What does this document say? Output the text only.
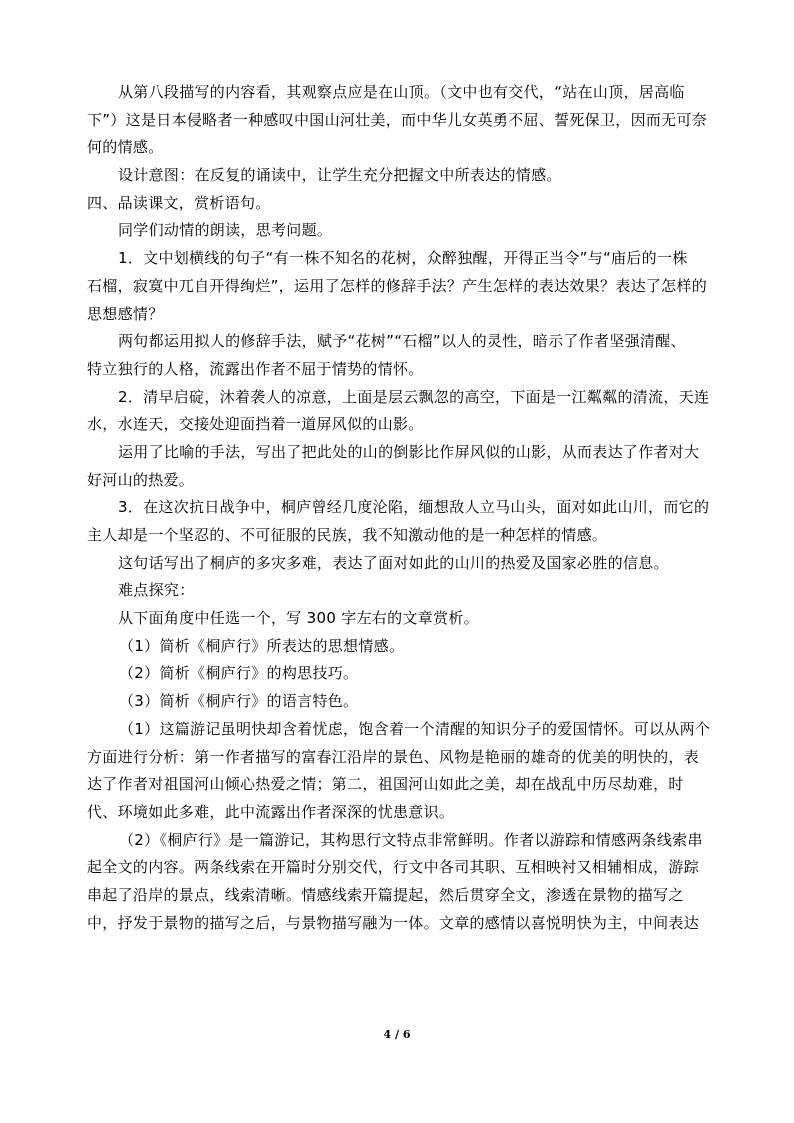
从第八段描写的内容看，其观察点应是在山顶。（文中也有交代，“站在山顶，居高临
下”）这是日本侵略者一种感叹中国山河壮美，而中华儿女英勇不屈、誓死保卫，因而无可奈
何的情感。
设计意图：在反复的诵读中，让学生充分把握文中所表达的情感。
四、品读课文，赏析语句。
同学们动情的朗读，思考问题。
1．文中划横线的句子“有一株不知名的花树，众醉独醒，开得正当令”与“庙后的一株
石榴，寂寞中兀自开得绚烂”，运用了怎样的修辞手法？产生怎样的表达效果？表达了怎样的
思想感情？
两句都运用拟人的修辞手法，赋予“花树”“石榴”以人的灵性，暗示了作者坚强清醒、
特立独行的人格，流露出作者不屈于情势的情怀。
2．清早启碇，沐着袭人的凉意，上面是层云飘忽的高空，下面是一江粼粼的清流，天连
水，水连天，交接处迎面挡着一道屏风似的山影。
运用了比喻的手法，写出了把此处的山的倒影比作屏风似的山影，从而表达了作者对大
好河山的热爱。
3．在这次抗日战争中，桐庐曾经几度沦陷，缅想敌人立马山头，面对如此山川，而它的
主人却是一个坚忍的、不可征服的民族，我不知激动他的是一种怎样的情感。
这句话写出了桐庐的多灾多难，表达了面对如此的山川的热爱及国家必胜的信息。
难点探究：
从下面角度中任选一个，写 300 字左右的文章赏析。
（1）简析《桐庐行》所表达的思想情感。
（2）简析《桐庐行》的构思技巧。
（3）简析《桐庐行》的语言特色。
（1）这篇游记虽明快却含着忧虑，饱含着一个清醒的知识分子的爱国情怀。可以从两个
方面进行分析：第一作者描写的富春江沿岸的景色、风物是艳丽的雄奇的优美的明快的，表
达了作者对祖国河山倾心热爱之情；第二，祖国河山如此之美，却在战乱中历尽劫难，时
代、环境如此多难，此中流露出作者深深的忧患意识。
（2）《桐庐行》是一篇游记，其构思行文特点非常鲜明。作者以游踪和情感两条线索串
起全文的内容。两条线索在开篇时分别交代，行文中各司其职、互相映衬又相辅相成，游踪
串起了沿岸的景点，线索清晰。情感线索开篇提起，然后贯穿全文，渗透在景物的描写之
中，抒发于景物的描写之后，与景物描写融为一体。文章的感情以喜悦明快为主，中间表达
4 / 6
